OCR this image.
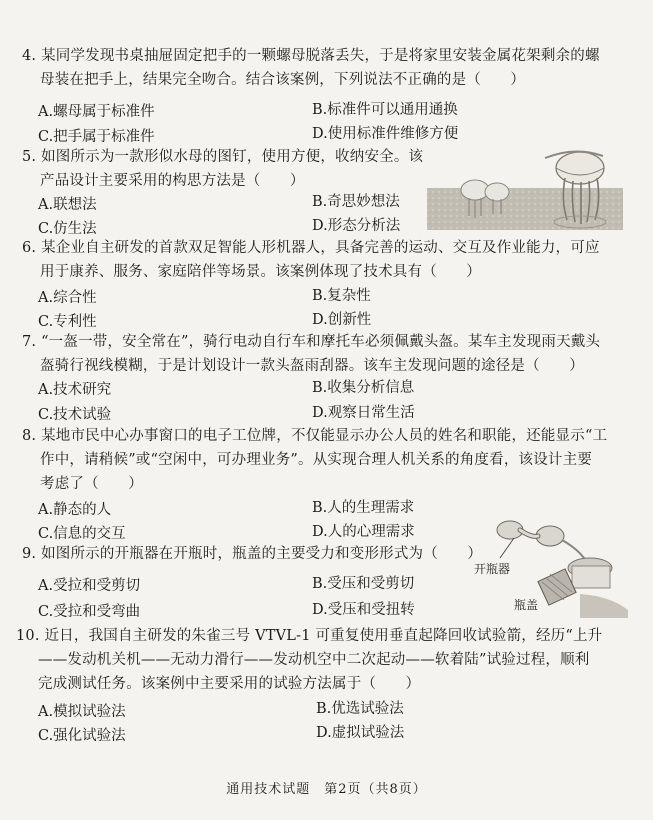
4. 某同学发现书桌抽屉固定把手的一颗螺母脱落丢失，于是将家里安装金属花架剩余的螺
母装在把手上，结果完全吻合。结合该案例，下列说法不正确的是（　　）
A.螺母属于标准件	B.标准件可以通用通换
C.把手属于标准件	D.使用标准件维修方便
5. 如图所示为一款形似水母的图钉，使用方便，收纳安全。该
产品设计主要采用的构思方法是（　　）
A.联想法	B.奇思妙想法
C.仿生法	D.形态分析法
6. 某企业自主研发的首款双足智能人形机器人，具备完善的运动、交互及作业能力，可应
用于康养、服务、家庭陪伴等场景。该案例体现了技术具有（　　）
A.综合性	B.复杂性
C.专利性	D.创新性
7. “一盔一带，安全常在”，骑行电动自行车和摩托车必须佩戴头盔。某车主发现雨天戴头
盔骑行视线模糊，于是计划设计一款头盔雨刮器。该车主发现问题的途径是（　　）
A.技术研究	B.收集分析信息
C.技术试验	D.观察日常生活
8. 某地市民中心办事窗口的电子工位牌，不仅能显示办公人员的姓名和职能，还能显示“工
作中，请稍候”或“空闲中，可办理业务”。从实现合理人机关系的角度看，该设计主要
考虑了（　　）
A.静态的人	B.人的生理需求
C.信息的交互	D.人的心理需求
9. 如图所示的开瓶器在开瓶时，瓶盖的主要受力和变形形式为（　　）
A.受拉和受剪切	B.受压和受剪切
C.受拉和受弯曲	D.受压和受扭转
开瓶器
瓶盖
10. 近日，我国自主研发的朱雀三号 VTVL-1 可重复使用垂直起降回收试验箭，经历“上升
——发动机关机——无动力滑行——发动机空中二次起动——软着陆”试验过程，顺利
完成测试任务。该案例中主要采用的试验方法属于（　　）
A.模拟试验法	B.优选试验法
C.强化试验法	D.虚拟试验法
通用技术试题　第2页（共8页）
